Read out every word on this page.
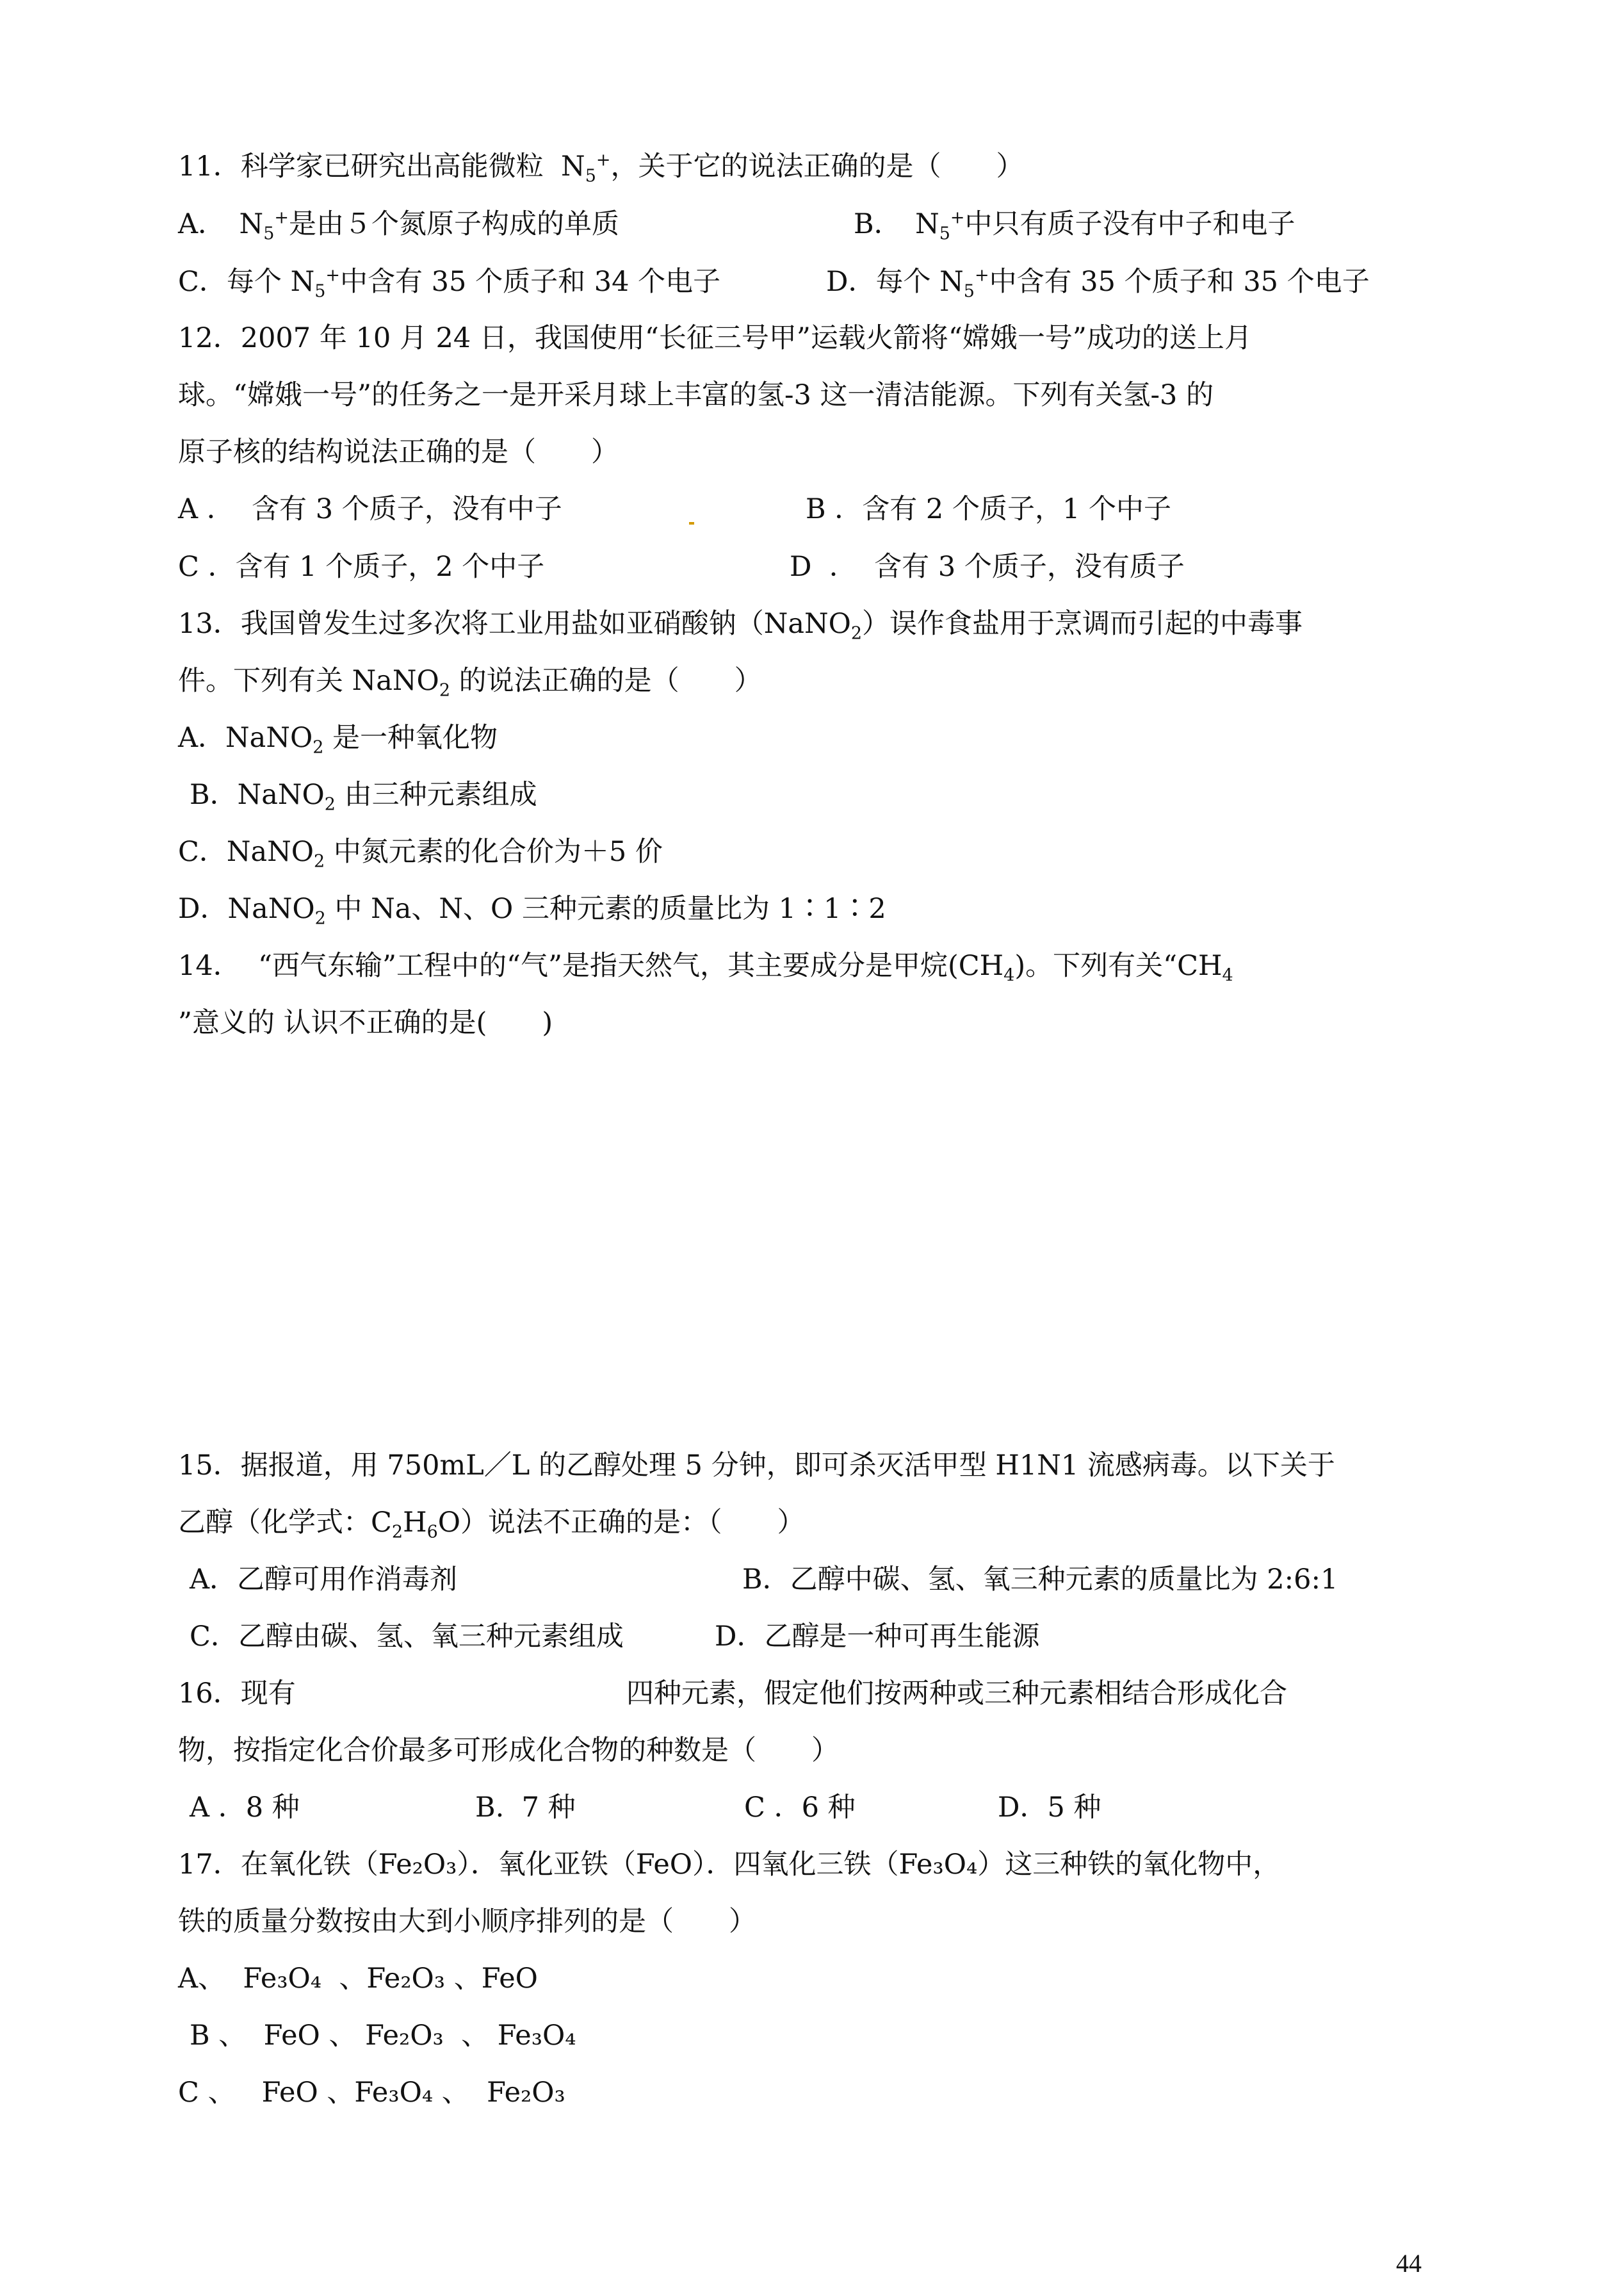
11．科学家已研究出高能微粒  $N_5^+$，关于它的说法正确的是（　　）
A．　$N_5^+$是由５个氮原子构成的单质	B．　$N_5^+$中只有质子没有中子和电子
C．每个 $N_5^+$中含有 35 个质子和 34 个电子	D．每个 $N_5^+$中含有 35 个质子和 35 个电子
12．2007 年 10 月 24 日，我国使用“长征三号甲”运载火箭将“嫦娥一号”成功的送上月
球。“嫦娥一号”的任务之一是开采月球上丰富的氢-3 这一清洁能源。下列有关氢-3 的
原子核的结构说法正确的是（　　）
A ．  含有 3 个质子，没有中子	B ．含有 2 个质子，1 个中子
C ．含有 1 个质子，2 个中子	D  ．  含有 3 个质子，没有质子
13．我国曾发生过多次将工业用盐如亚硝酸钠（NaNO$_2$）误作食盐用于烹调而引起的中毒事
件。下列有关 NaNO$_2$ 的说法正确的是（　　）
A．NaNO$_2$ 是一种氧化物
B．NaNO$_2$ 由三种元素组成
C．NaNO$_2$ 中氮元素的化合价为＋5 价
D．NaNO$_2$ 中 Na、N、O 三种元素的质量比为 1∶1∶2
14．  “西气东输”工程中的“气”是指天然气，其主要成分是甲烷$(CH_4)$。下列有关“$CH_4$
”意义的 认识不正确的是(　　)
15．据报道，用 750mL／L 的乙醇处理 5 分钟，即可杀灭活甲型 H1N1 流感病毒。以下关于
乙醇（化学式：$C_2H_6O$）说法不正确的是：（　　）
A．乙醇可用作消毒剂	B．乙醇中碳、氢、氧三种元素的质量比为 2:6:1
C．乙醇由碳、氢、氧三种元素组成	D．乙醇是一种可再生能源
16．现有	四种元素，假定他们按两种或三种元素相结合形成化合
物，按指定化合价最多可形成化合物的种数是（　　）
A ．8 种	B.  7 种	C ．6 种	D．5 种
17．在氧化铁（Fe₂O₃）．氧化亚铁（FeO）．四氧化三铁（Fe₃O₄）这三种铁的氧化物中，
铁的质量分数按由大到小顺序排列的是（　　）
A、  Fe₃O₄  、Fe₂O₃ 、FeO
B 、  FeO 、 Fe₂O₃  、 Fe₃O₄
C 、   FeO 、Fe₃O₄ 、  Fe₂O₃
44
